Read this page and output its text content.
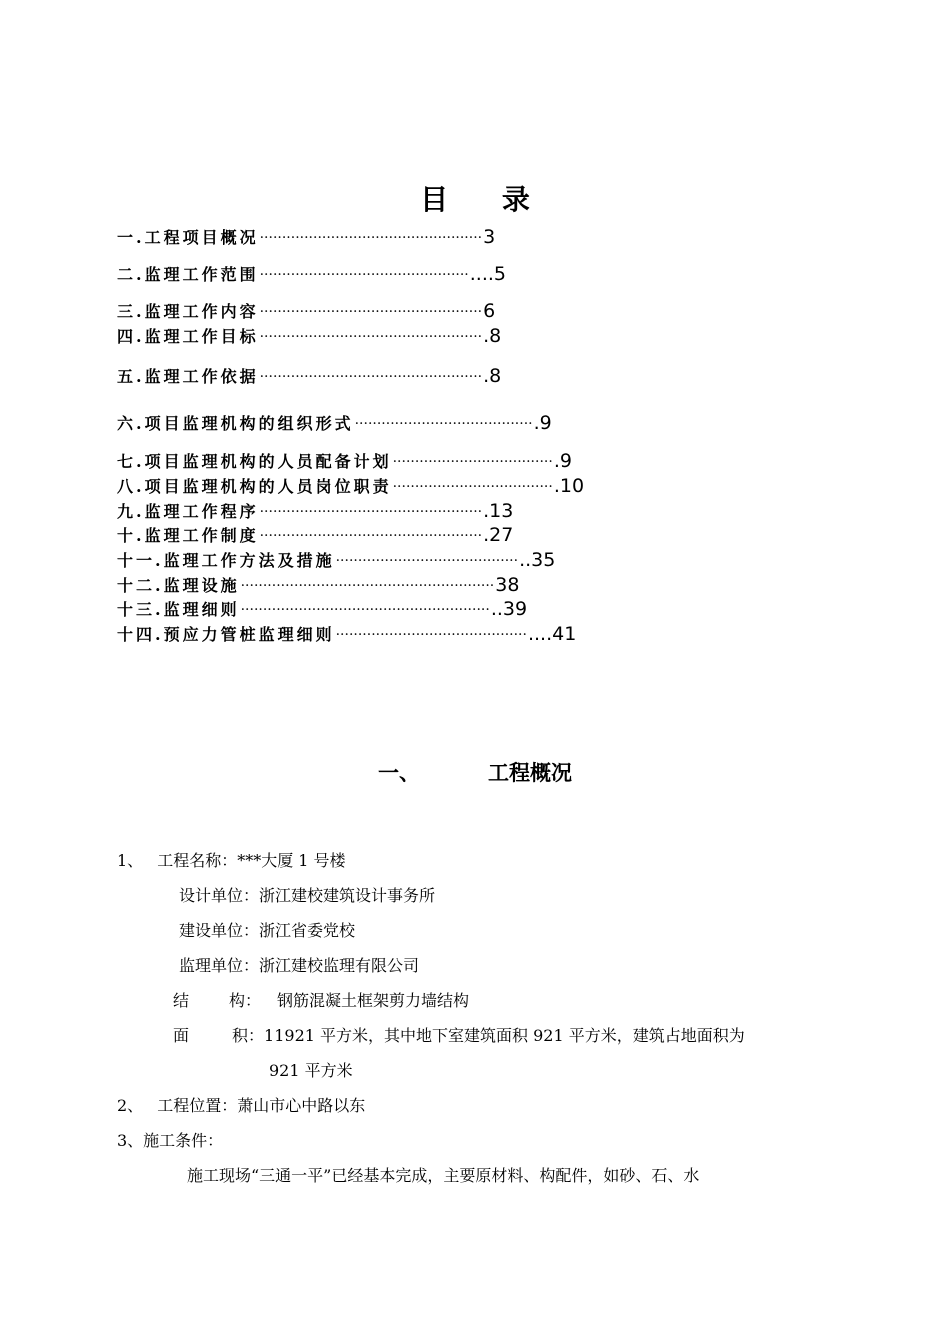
目 录
一. 工程项目概况 ·················································· 3
二. 监理工作范围 ··············································· ....5
三. 监理工作内容 ·················································· 6
四. 监理工作目标 ·················································· .8
五. 监理工作依据 ·················································· .8
六. 项目监理机构的组织形式 ········································ .9
七. 项目监理机构的人员配备计划 ···································· .9
八. 项目监理机构的人员岗位职责 ···································· .10
九. 监理工作程序 ·················································· .13
十. 监理工作制度 ·················································· .27
十一. 监理工作方法及措施 ········································· ..35
十二. 监理设施 ························································· 38
十三. 监理细则 ························································ ..39
十四. 预应力管桩监理细则 ··········································· ....41
一、	工程概况
1、 工程名称：***大厦 1 号楼
设计单位：浙江建校建筑设计事务所
建设单位：浙江省委党校
监理单位：浙江建校监理有限公司
结	构： 钢筋混凝土框架剪力墙结构
面	积：11921 平方米，其中地下室建筑面积 921 平方米，建筑占地面积为
921 平方米
2、 工程位置：萧山市心中路以东
3、施工条件：
施工现场“三通一平”已经基本完成，主要原材料、构配件，如砂、石、水
